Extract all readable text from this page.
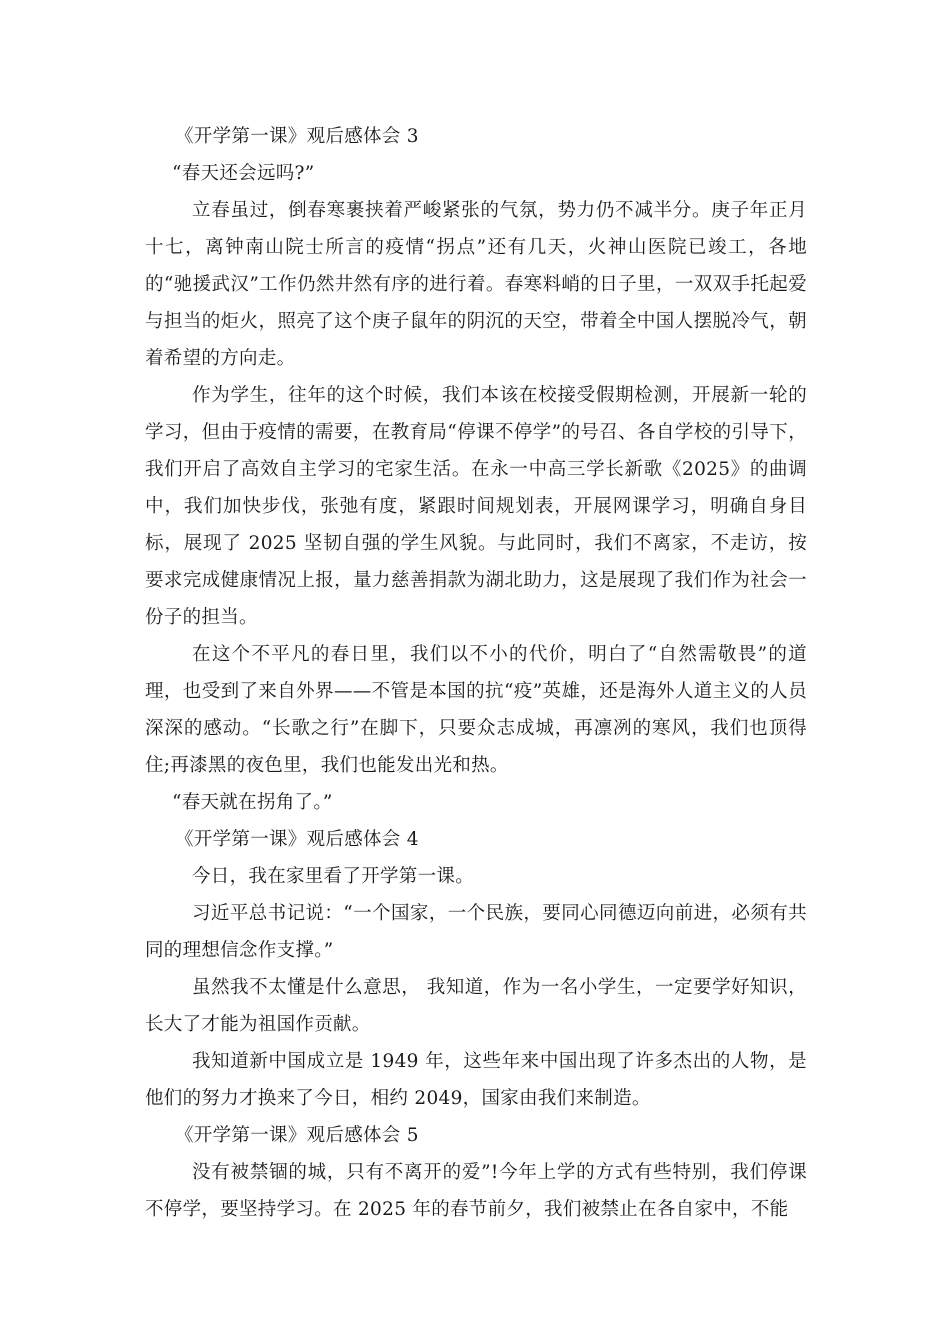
《开学第一课》观后感体会 3

“春天还会远吗?”

立春虽过，倒春寒裹挟着严峻紧张的气氛，势力仍不减半分。庚子年正月十七，离钟南山院士所言的疫情“拐点”还有几天，火神山医院已竣工，各地的“驰援武汉”工作仍然井然有序的进行着。春寒料峭的日子里，一双双手托起爱与担当的炬火，照亮了这个庚子鼠年的阴沉的天空，带着全中国人摆脱冷气，朝着希望的方向走。

作为学生，往年的这个时候，我们本该在校接受假期检测，开展新一轮的学习，但由于疫情的需要，在教育局“停课不停学”的号召、各自学校的引导下，我们开启了高效自主学习的宅家生活。在永一中高三学长新歌《2025》的曲调中，我们加快步伐，张弛有度，紧跟时间规划表，开展网课学习，明确自身目标，展现了 2025 坚韧自强的学生风貌。与此同时，我们不离家，不走访，按要求完成健康情况上报，量力慈善捐款为湖北助力，这是展现了我们作为社会一份子的担当。

在这个不平凡的春日里，我们以不小的代价，明白了“自然需敬畏”的道理，也受到了来自外界——不管是本国的抗“疫”英雄，还是海外人道主义的人员深深的感动。“长歌之行”在脚下，只要众志成城，再凛冽的寒风，我们也顶得住;再漆黑的夜色里，我们也能发出光和热。

“春天就在拐角了。”

《开学第一课》观后感体会 4

今日，我在家里看了开学第一课。

习近平总书记说：“一个国家，一个民族，要同心同德迈向前进，必须有共同的理想信念作支撑。”

虽然我不太懂是什么意思， 我知道，作为一名小学生，一定要学好知识，长大了才能为祖国作贡献。

我知道新中国成立是 1949 年，这些年来中国出现了许多杰出的人物，是他们的努力才换来了今日，相约 2049，国家由我们来制造。

《开学第一课》观后感体会 5

没有被禁锢的城，只有不离开的爱”!今年上学的方式有些特别，我们停课不停学，要坚持学习。在 2025 年的春节前夕，我们被禁止在各自家中，不能
